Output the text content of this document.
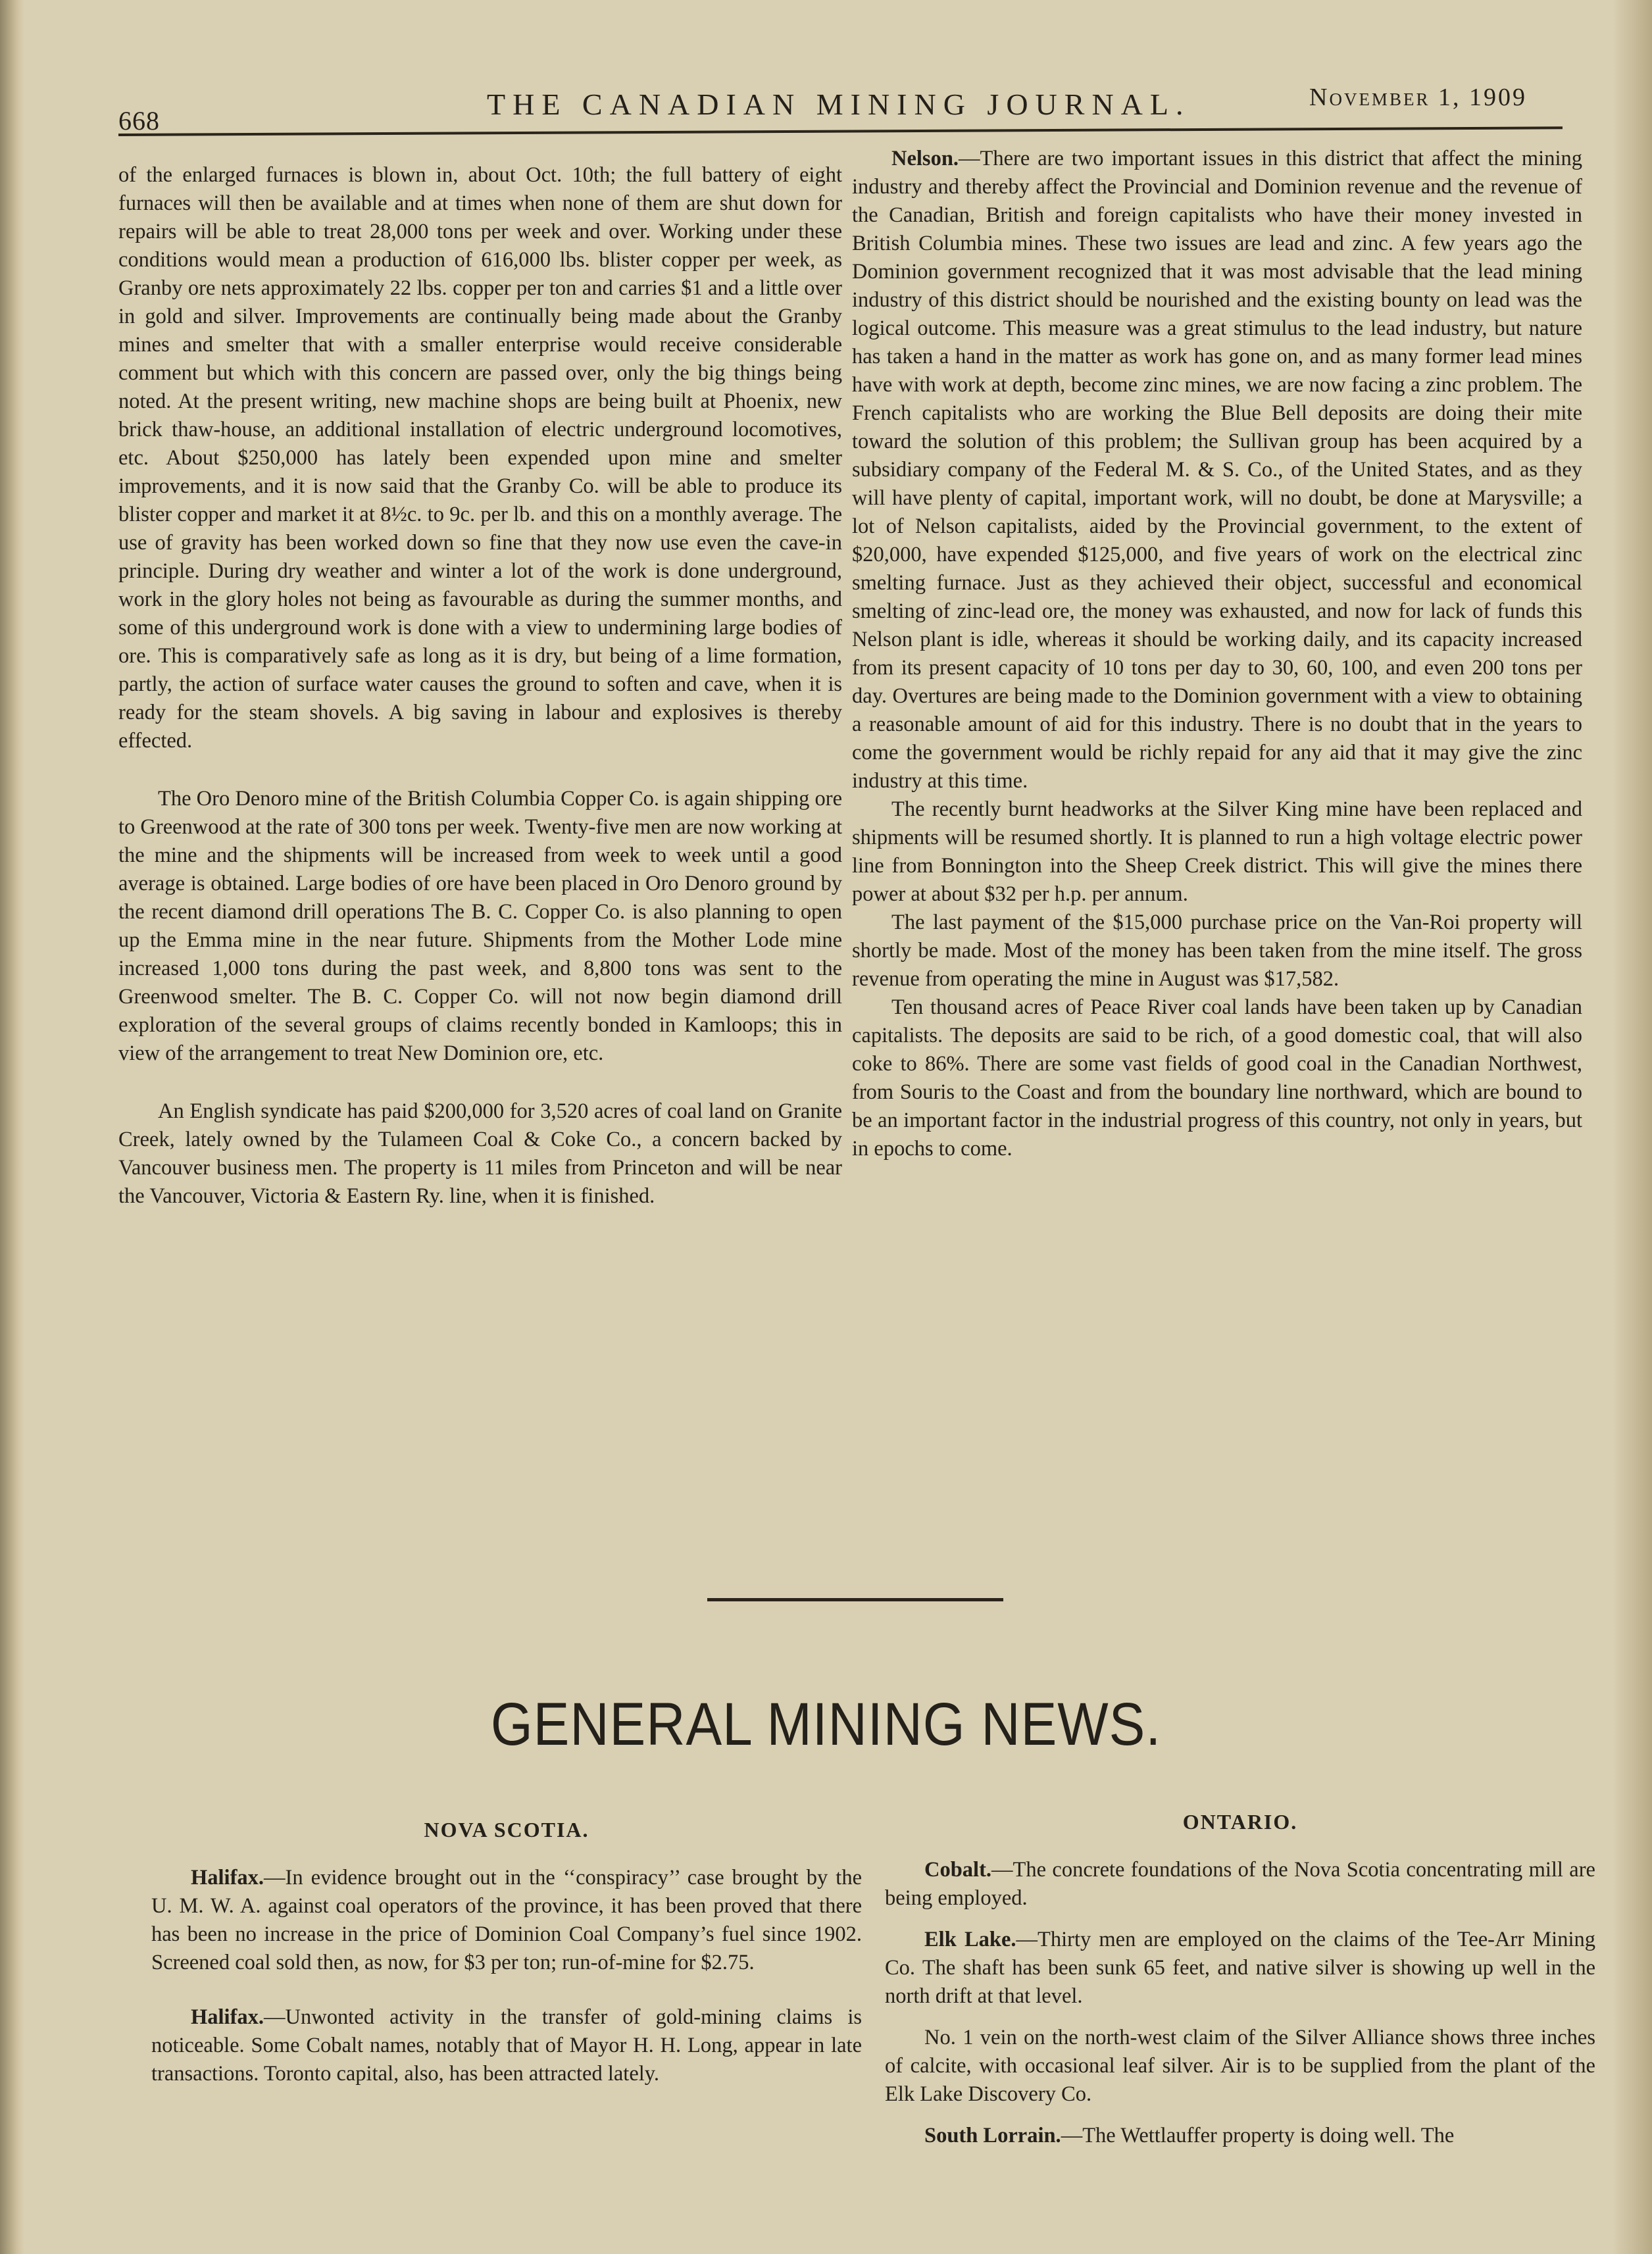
668	THE CANADIAN MINING JOURNAL.	November 1, 1909

of the enlarged furnaces is blown in, about Oct. 10th; the full battery of eight furnaces will then be available and at times when none of them are shut down for repairs will be able to treat 28,000 tons per week and over. Working under these conditions would mean a production of 616,000 lbs. blister copper per week, as Granby ore nets approximately 22 lbs. copper per ton and carries $1 and a little over in gold and silver. Improvements are continually being made about the Granby mines and smelter that with a smaller enterprise would receive considerable comment but which with this concern are passed over, only the big things being noted. At the present writing, new machine shops are being built at Phoenix, new brick thaw-house, an additional installation of electric underground locomotives, etc. About $250,000 has lately been expended upon mine and smelter improvements, and it is now said that the Granby Co. will be able to produce its blister copper and market it at 8½c. to 9c. per lb. and this on a monthly average. The use of gravity has been worked down so fine that they now use even the cave-in principle. During dry weather and winter a lot of the work is done underground, work in the glory holes not being as favourable as during the summer months, and some of this underground work is done with a view to undermining large bodies of ore. This is comparatively safe as long as it is dry, but being of a lime formation, partly, the action of surface water causes the ground to soften and cave, when it is ready for the steam shovels. A big saving in labour and explosives is thereby effected.

The Oro Denoro mine of the British Columbia Copper Co. is again shipping ore to Greenwood at the rate of 300 tons per week. Twenty-five men are now working at the mine and the shipments will be increased from week to week until a good average is obtained. Large bodies of ore have been placed in Oro Denoro ground by the recent diamond drill operations The B. C. Copper Co. is also planning to open up the Emma mine in the near future. Shipments from the Mother Lode mine increased 1,000 tons during the past week, and 8,800 tons was sent to the Greenwood smelter. The B. C. Copper Co. will not now begin diamond drill exploration of the several groups of claims recently bonded in Kamloops; this in view of the arrangement to treat New Dominion ore, etc.

An English syndicate has paid $200,000 for 3,520 acres of coal land on Granite Creek, lately owned by the Tulameen Coal & Coke Co., a concern backed by Vancouver business men. The property is 11 miles from Princeton and will be near the Vancouver, Victoria & Eastern Ry. line, when it is finished.

Nelson.—There are two important issues in this district that affect the mining industry and thereby affect the Provincial and Dominion revenue and the revenue of the Canadian, British and foreign capitalists who have their money invested in British Columbia mines. These two issues are lead and zinc. A few years ago the Dominion government recognized that it was most advisable that the lead mining industry of this district should be nourished and the existing bounty on lead was the logical outcome. This measure was a great stimulus to the lead industry, but nature has taken a hand in the matter as work has gone on, and as many former lead mines have with work at depth, become zinc mines, we are now facing a zinc problem. The French capitalists who are working the Blue Bell deposits are doing their mite toward the solution of this problem; the Sullivan group has been acquired by a subsidiary company of the Federal M. & S. Co., of the United States, and as they will have plenty of capital, important work, will no doubt, be done at Marysville; a lot of Nelson capitalists, aided by the Provincial government, to the extent of $20,000, have expended $125,000, and five years of work on the electrical zinc smelting furnace. Just as they achieved their object, successful and economical smelting of zinc-lead ore, the money was exhausted, and now for lack of funds this Nelson plant is idle, whereas it should be working daily, and its capacity increased from its present capacity of 10 tons per day to 30, 60, 100, and even 200 tons per day. Overtures are being made to the Dominion government with a view to obtaining a reasonable amount of aid for this industry. There is no doubt that in the years to come the government would be richly repaid for any aid that it may give the zinc industry at this time.

The recently burnt headworks at the Silver King mine have been replaced and shipments will be resumed shortly. It is planned to run a high voltage electric power line from Bonnington into the Sheep Creek district. This will give the mines there power at about $32 per h.p. per annum.

The last payment of the $15,000 purchase price on the Van-Roi property will shortly be made. Most of the money has been taken from the mine itself. The gross revenue from operating the mine in August was $17,582.

Ten thousand acres of Peace River coal lands have been taken up by Canadian capitalists. The deposits are said to be rich, of a good domestic coal, that will also coke to 86%. There are some vast fields of good coal in the Canadian Northwest, from Souris to the Coast and from the boundary line northward, which are bound to be an important factor in the industrial progress of this country, not only in years, but in epochs to come.

GENERAL MINING NEWS.
NOVA SCOTIA.

Halifax.—In evidence brought out in the ‘‘conspiracy’’ case brought by the U. M. W. A. against coal operators of the province, it has been proved that there has been no increase in the price of Dominion Coal Company’s fuel since 1902. Screened coal sold then, as now, for $3 per ton; run-of-mine for $2.75.

Halifax.—Unwonted activity in the transfer of gold-mining claims is noticeable. Some Cobalt names, notably that of Mayor H. H. Long, appear in late transactions. Toronto capital, also, has been attracted lately.

ONTARIO.

Cobalt.—The concrete foundations of the Nova Scotia concentrating mill are being employed.

Elk Lake.—Thirty men are employed on the claims of the Tee-Arr Mining Co. The shaft has been sunk 65 feet, and native silver is showing up well in the north drift at that level.

No. 1 vein on the north-west claim of the Silver Alliance shows three inches of calcite, with occasional leaf silver. Air is to be supplied from the plant of the Elk Lake Discovery Co.

South Lorrain.—The Wettlauffer property is doing well. The
